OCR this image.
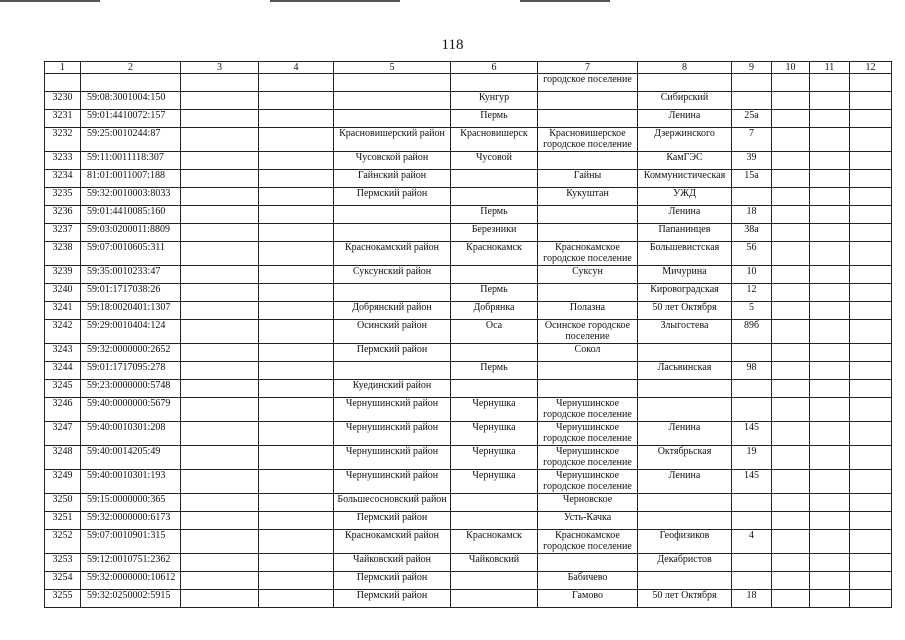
118
1	2	3	4	5	6	7	8	9	10	11	12
						городское поселение					
3230	59:08:3001004:150				Кунгур		Сибирский				
3231	59:01:4410072:157				Пермь		Ленина	25а			
3232	59:25:0010244:87			Красновишерский район	Красновишерск	Красновишерское городское поселение	Дзержинского	7			
3233	59:11:0011118:307			Чусовской район	Чусовой		КамГЭС	39			
3234	81:01:0011007:188			Гайнский район		Гайны	Коммунистическая	15а			
3235	59:32:0010003:8033			Пермский район		Кукуштан	УЖД				
3236	59:01:4410085:160				Пермь		Ленина	18			
3237	59:03:0200011:8809				Березники		Папанинцев	38а			
3238	59:07:0010605:311			Краснокамский район	Краснокамск	Краснокамское городское поселение	Большевистская	56			
3239	59:35:0010233:47			Суксунский район		Суксун	Мичурина	10			
3240	59:01:1717038:26				Пермь		Кировоградская	12			
3241	59:18:0020401:1307			Добрянский район	Добрянка	Полазна	50 лет Октября	5			
3242	59:29:0010404:124			Осинский район	Оса	Осинское городское поселение	Злыгостева	89б			
3243	59:32:0000000:2652			Пермский район		Сокол					
3244	59:01:1717095:278				Пермь		Ласьвинская	98			
3245	59:23:0000000:5748			Куединский район							
3246	59:40:0000000:5679			Чернушинский район	Чернушка	Чернушинское городское поселение					
3247	59:40:0010301:208			Чернушинский район	Чернушка	Чернушинское городское поселение	Ленина	145			
3248	59:40:0014205:49			Чернушинский район	Чернушка	Чернушинское городское поселение	Октябрьская	19			
3249	59:40:0010301:193			Чернушинский район	Чернушка	Чернушинское городское поселение	Ленина	145			
3250	59:15:0000000:365			Большесосновский район		Черновское					
3251	59:32:0000000:6173			Пермский район		Усть-Качка					
3252	59:07:0010901:315			Краснокамский район	Краснокамск	Краснокамское городское поселение	Геофизиков	4			
3253	59:12:0010751:2362			Чайковский район	Чайковский		Декабристов				
3254	59:32:0000000:10612			Пермский район		Бабичево					
3255	59:32:0250002:5915			Пермский район		Гамово	50 лет Октября	18			
